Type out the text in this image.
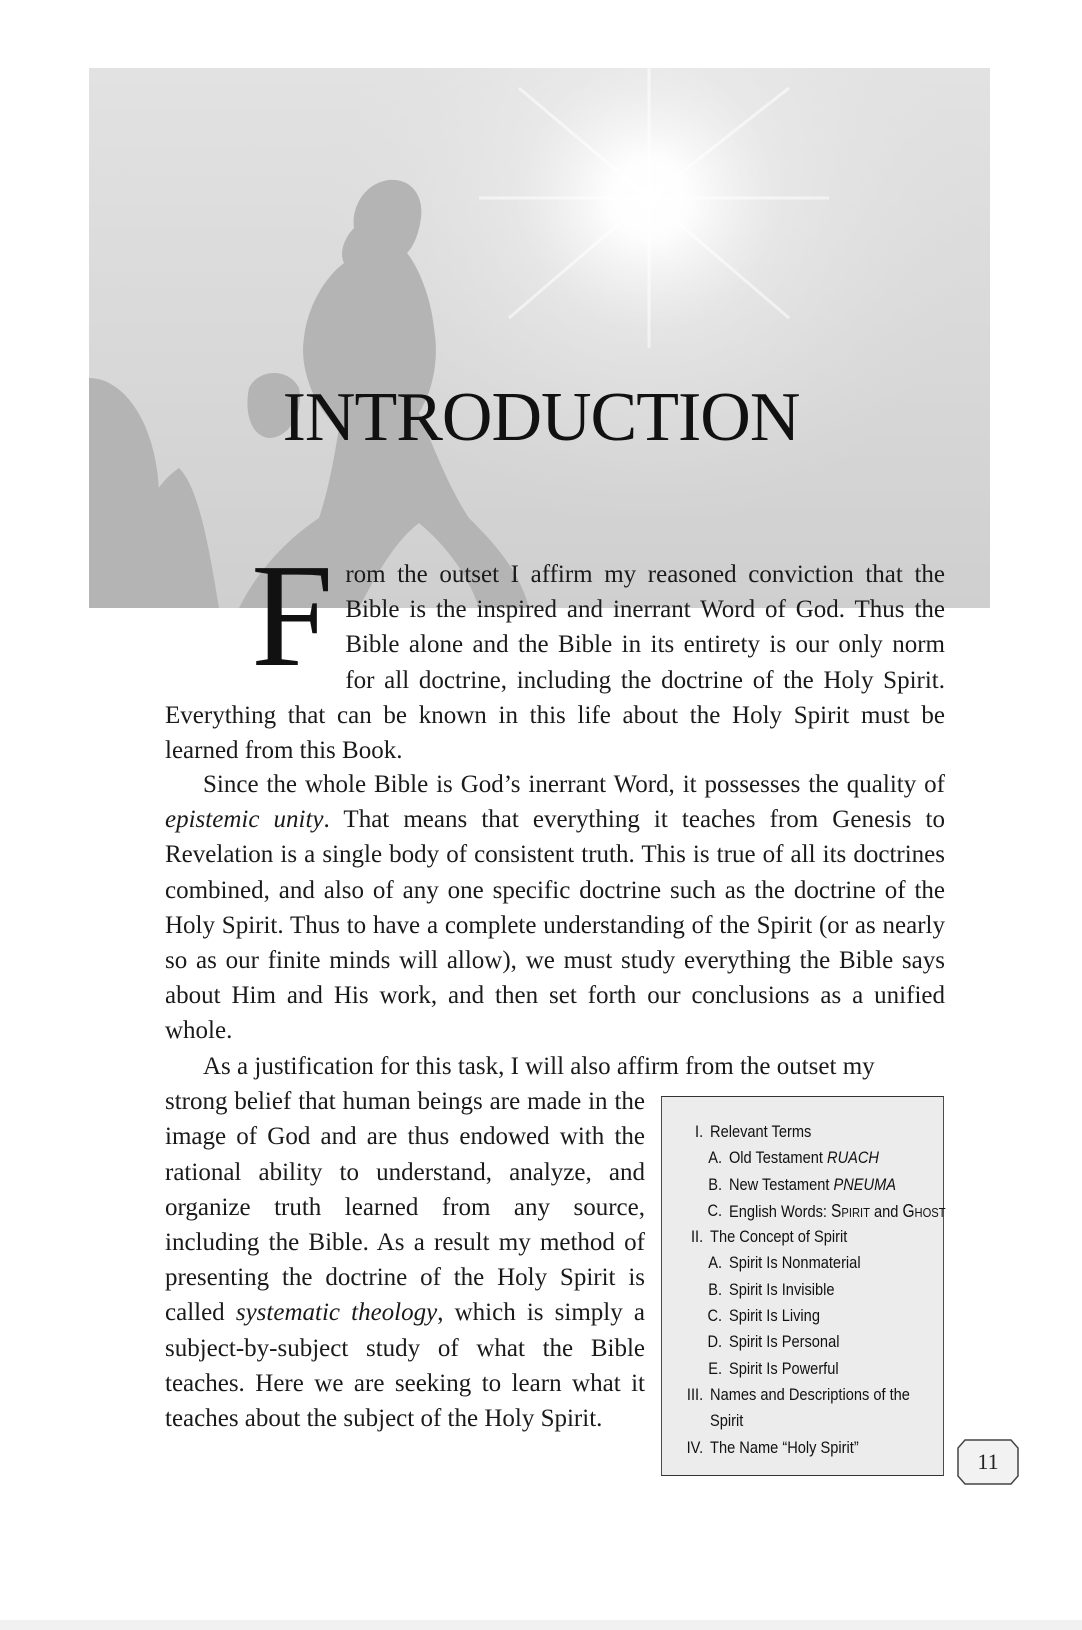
INTRODUCTION

From the outset I affirm my reasoned conviction that the Bible is the inspired and inerrant Word of God. Thus the Bible alone and the Bible in its entirety is our only norm for all doctrine, including the doctrine of the Holy Spirit. Everything that can be known in this life about the Holy Spirit must be learned from this Book.

Since the whole Bible is God’s inerrant Word, it possesses the quality of epistemic unity. That means that everything it teaches from Genesis to Revelation is a single body of consistent truth. This is true of all its doctrines combined, and also of any one specific doctrine such as the doctrine of the Holy Spirit. Thus to have a complete understanding of the Spirit (or as nearly so as our finite minds will allow), we must study everything the Bible says about Him and His work, and then set forth our conclusions as a unified whole.

As a justification for this task, I will also affirm from the outset my
strong belief that human beings are made in the image of God and are thus endowed with the rational ability to understand, analyze, and organize truth learned from any source, including the Bible. As a result my method of presenting the doctrine of the Holy Spirit is called systematic theology, which is simply a subject-by-subject study of what the Bible teaches. Here we are seeking to learn what it teaches about the subject of the Holy Spirit.
I. Relevant Terms
A. Old Testament RUACH
B. New Testament PNEUMA
C. English Words: Spirit and Ghost
II. The Concept of Spirit
A. Spirit Is Nonmaterial
B. Spirit Is Invisible
C. Spirit Is Living
D. Spirit Is Personal
E. Spirit Is Powerful
III. Names and Descriptions of the
Spirit
IV. The Name “Holy Spirit”
11
